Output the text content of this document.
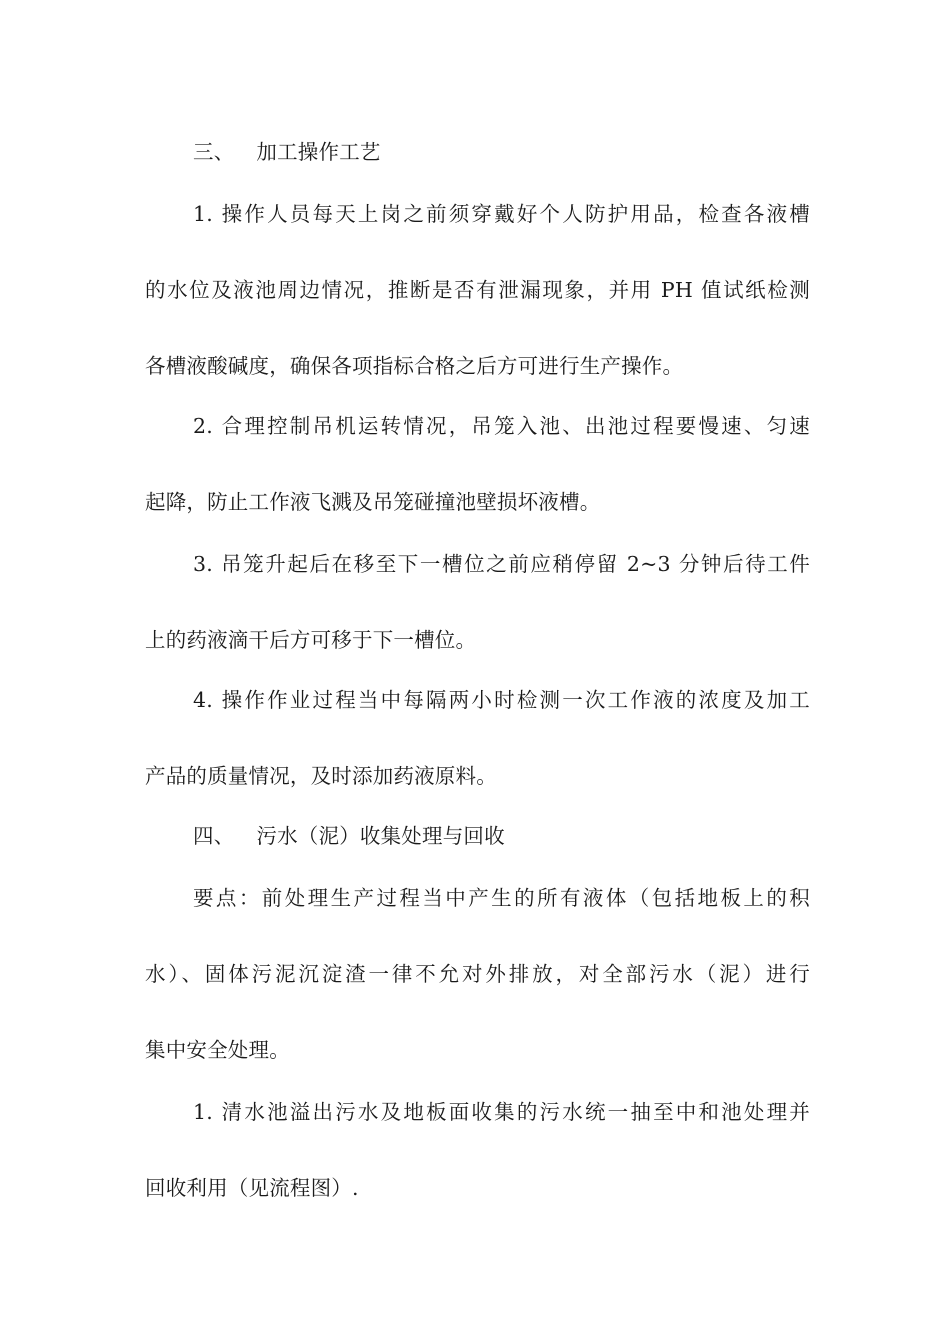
三、 加工操作工艺
1. 操作人员每天上岗之前须穿戴好个人防护用品，检查各液槽
的水位及液池周边情况，推断是否有泄漏现象，并用 PH 值试纸检测
各槽液酸碱度，确保各项指标合格之后方可进行生产操作。
2. 合理控制吊机运转情况，吊笼入池、出池过程要慢速、匀速
起降，防止工作液飞溅及吊笼碰撞池壁损坏液槽。
3. 吊笼升起后在移至下一槽位之前应稍停留 2~3 分钟后待工件
上的药液滴干后方可移于下一槽位。
4. 操作作业过程当中每隔两小时检测一次工作液的浓度及加工
产品的质量情况，及时添加药液原料。
四、 污水（泥）收集处理与回收
要点：前处理生产过程当中产生的所有液体（包括地板上的积
水）、固体污泥沉淀渣一律不允对外排放，对全部污水（泥）进行
集中安全处理。
1. 清水池溢出污水及地板面收集的污水统一抽至中和池处理并
回收利用（见流程图）.
